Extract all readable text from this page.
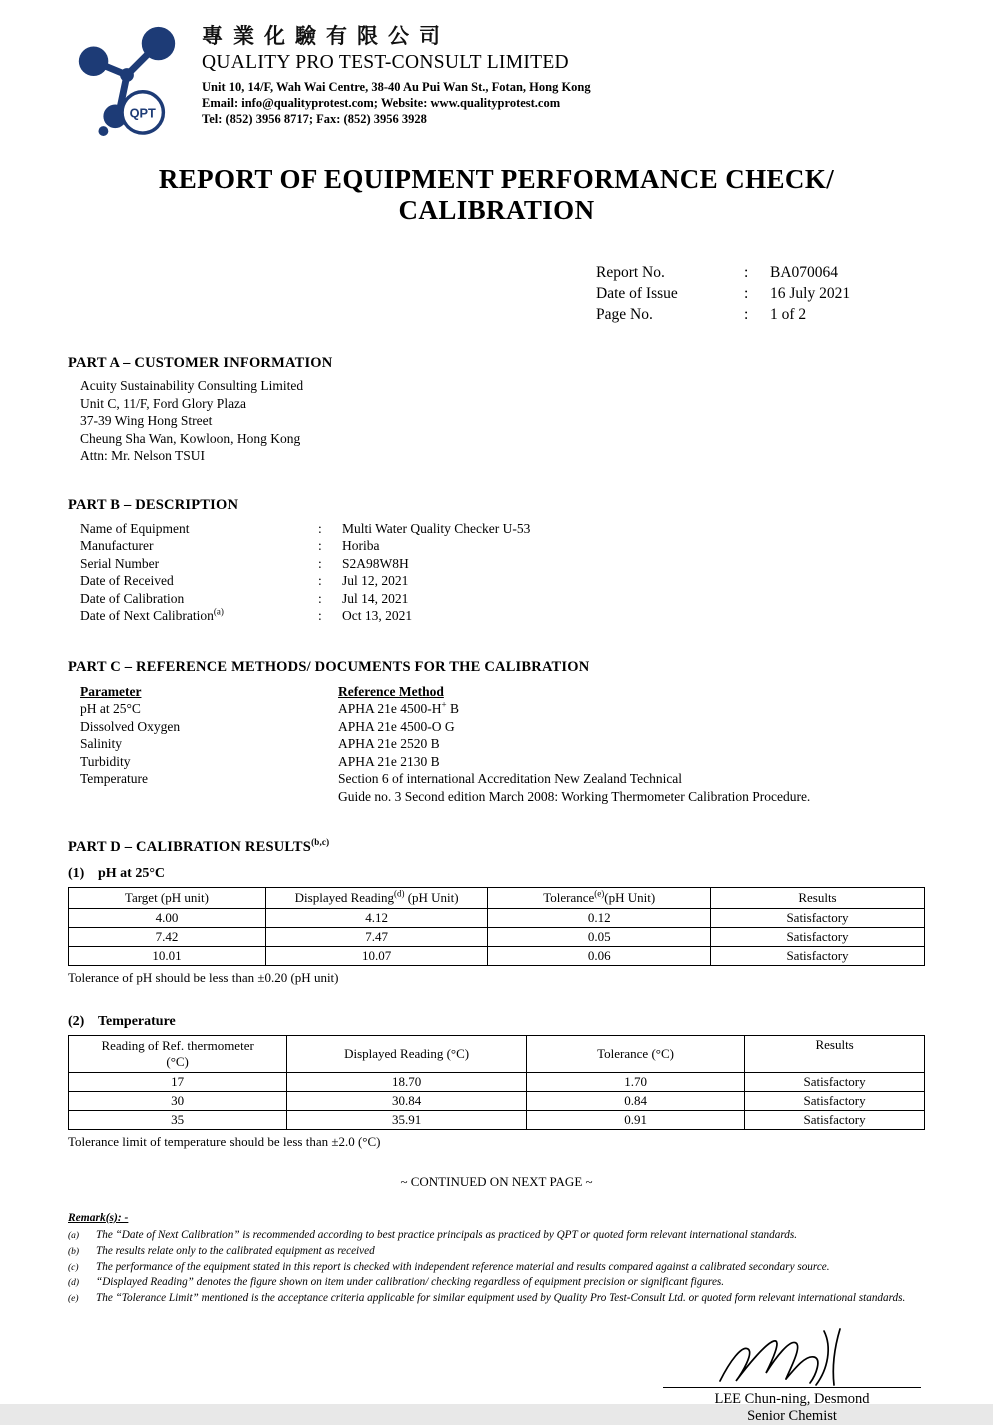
QPT
專業化驗有限公司
QUALITY PRO TEST-CONSULT LIMITED
Unit 10, 14/F, Wah Wai Centre, 38-40 Au Pui Wan St., Fotan, Hong Kong
Email: info@qualityprotest.com; Website: www.qualityprotest.com
Tel: (852) 3956 8717; Fax: (852) 3956 3928
REPORT OF EQUIPMENT PERFORMANCE CHECK/ CALIBRATION
Report No.	: BA070064
Date of Issue	: 16 July 2021
Page No.	: 1 of 2
PART A – CUSTOMER INFORMATION
Acuity Sustainability Consulting Limited
Unit C, 11/F, Ford Glory Plaza
37-39 Wing Hong Street
Cheung Sha Wan, Kowloon, Hong Kong
Attn: Mr. Nelson TSUI
PART B – DESCRIPTION
Name of Equipment	:	Multi Water Quality Checker U-53
Manufacturer	:	Horiba
Serial Number	:	S2A98W8H
Date of Received	:	Jul 12, 2021
Date of Calibration	:	Jul 14, 2021
Date of Next Calibration$^{(a)}$	:	Oct 13, 2021
PART C – REFERENCE METHODS/ DOCUMENTS FOR THE CALIBRATION
Parameter	Reference Method
pH at 25°C	APHA 21e 4500-H+ B
Dissolved Oxygen	APHA 21e 4500-O G
Salinity	APHA 21e 2520 B
Turbidity	APHA 21e 2130 B
Temperature	Section 6 of international Accreditation New Zealand Technical
Guide no. 3 Second edition March 2008: Working Thermometer Calibration Procedure.
PART D – CALIBRATION RESULTS$^{(b,c)}$
(1) pH at 25°C
Target (pH unit)	Displayed Reading$^{(d)}$ (pH Unit)	Tolerance$^{(e)}$(pH Unit)	Results
4.00	4.12	0.12	Satisfactory
7.42	7.47	0.05	Satisfactory
10.01	10.07	0.06	Satisfactory
Tolerance of pH should be less than ±0.20 (pH unit)
(2) Temperature
Reading of Ref. thermometer
(°C)	Displayed Reading (°C)	Tolerance (°C)	Results
17	18.70	1.70	Satisfactory
30	30.84	0.84	Satisfactory
35	35.91	0.91	Satisfactory
Tolerance limit of temperature should be less than ±2.0 (°C)
~ CONTINUED ON NEXT PAGE ~
Remark(s): -
(a)	The “Date of Next Calibration” is recommended according to best practice principals as practiced by QPT or quoted form relevant international standards.
(b)	The results relate only to the calibrated equipment as received
(c)	The performance of the equipment stated in this report is checked with independent reference material and results compared against a calibrated secondary source.
(d)	“Displayed Reading” denotes the figure shown on item under calibration/ checking regardless of equipment precision or significant figures.
(e)	The “Tolerance Limit” mentioned is the acceptance criteria applicable for similar equipment used by Quality Pro Test-Consult Ltd. or quoted form relevant international standards.
LEE Chun-ning, Desmond
Senior Chemist
